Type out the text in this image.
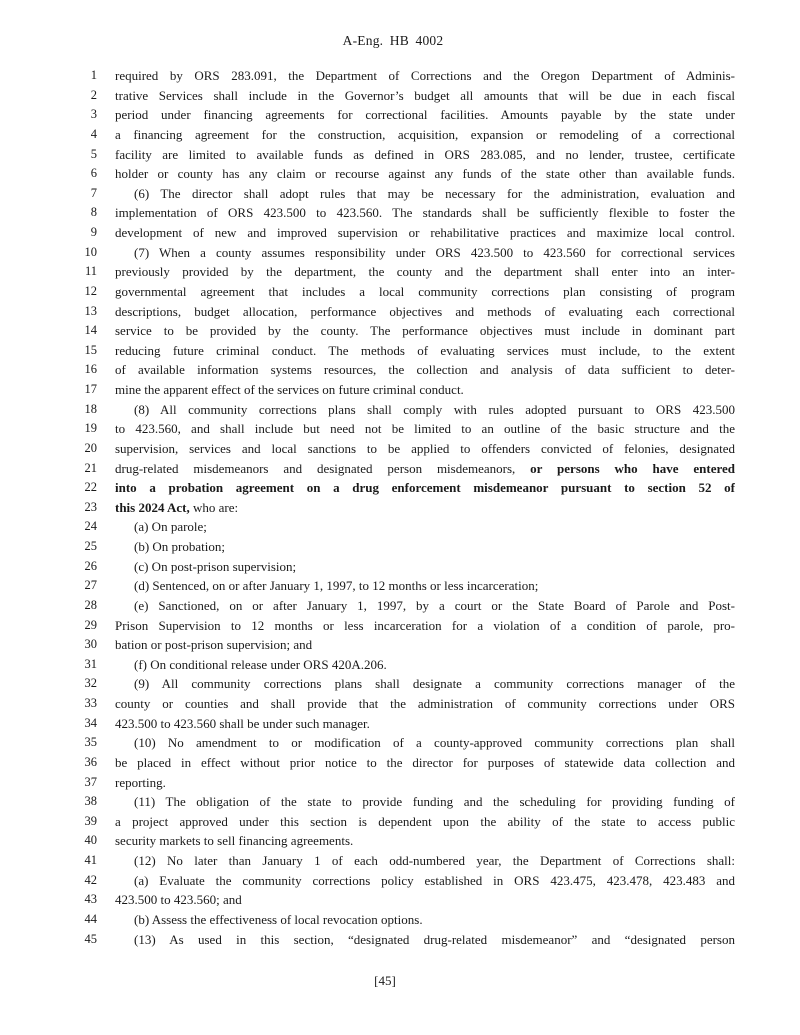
A-Eng. HB 4002
1 required by ORS 283.091, the Department of Corrections and the Oregon Department of Adminis-
2 trative Services shall include in the Governor’s budget all amounts that will be due in each fiscal
3 period under financing agreements for correctional facilities. Amounts payable by the state under
4 a financing agreement for the construction, acquisition, expansion or remodeling of a correctional
5 facility are limited to available funds as defined in ORS 283.085, and no lender, trustee, certificate
6 holder or county has any claim or recourse against any funds of the state other than available funds.
7	(6) The director shall adopt rules that may be necessary for the administration, evaluation and
8 implementation of ORS 423.500 to 423.560. The standards shall be sufficiently flexible to foster the
9 development of new and improved supervision or rehabilitative practices and maximize local control.
10	(7) When a county assumes responsibility under ORS 423.500 to 423.560 for correctional services
11 previously provided by the department, the county and the department shall enter into an inter-
12 governmental agreement that includes a local community corrections plan consisting of program
13 descriptions, budget allocation, performance objectives and methods of evaluating each correctional
14 service to be provided by the county. The performance objectives must include in dominant part
15 reducing future criminal conduct. The methods of evaluating services must include, to the extent
16 of available information systems resources, the collection and analysis of data sufficient to deter-
17 mine the apparent effect of the services on future criminal conduct.
18	(8) All community corrections plans shall comply with rules adopted pursuant to ORS 423.500
19 to 423.560, and shall include but need not be limited to an outline of the basic structure and the
20 supervision, services and local sanctions to be applied to offenders convicted of felonies, designated
21 drug-related misdemeanors and designated person misdemeanors, or persons who have entered
22 into a probation agreement on a drug enforcement misdemeanor pursuant to section 52 of
23 this 2024 Act, who are:
24	(a) On parole;
25	(b) On probation;
26	(c) On post-prison supervision;
27	(d) Sentenced, on or after January 1, 1997, to 12 months or less incarceration;
28	(e) Sanctioned, on or after January 1, 1997, by a court or the State Board of Parole and Post-
29 Prison Supervision to 12 months or less incarceration for a violation of a condition of parole, pro-
30 bation or post-prison supervision; and
31	(f) On conditional release under ORS 420A.206.
32	(9) All community corrections plans shall designate a community corrections manager of the
33 county or counties and shall provide that the administration of community corrections under ORS
34 423.500 to 423.560 shall be under such manager.
35	(10) No amendment to or modification of a county-approved community corrections plan shall
36 be placed in effect without prior notice to the director for purposes of statewide data collection and
37 reporting.
38	(11) The obligation of the state to provide funding and the scheduling for providing funding of
39 a project approved under this section is dependent upon the ability of the state to access public
40 security markets to sell financing agreements.
41	(12) No later than January 1 of each odd-numbered year, the Department of Corrections shall:
42	(a) Evaluate the community corrections policy established in ORS 423.475, 423.478, 423.483 and
43 423.500 to 423.560; and
44	(b) Assess the effectiveness of local revocation options.
45	(13) As used in this section, “designated drug-related misdemeanor” and “designated person
[45]
